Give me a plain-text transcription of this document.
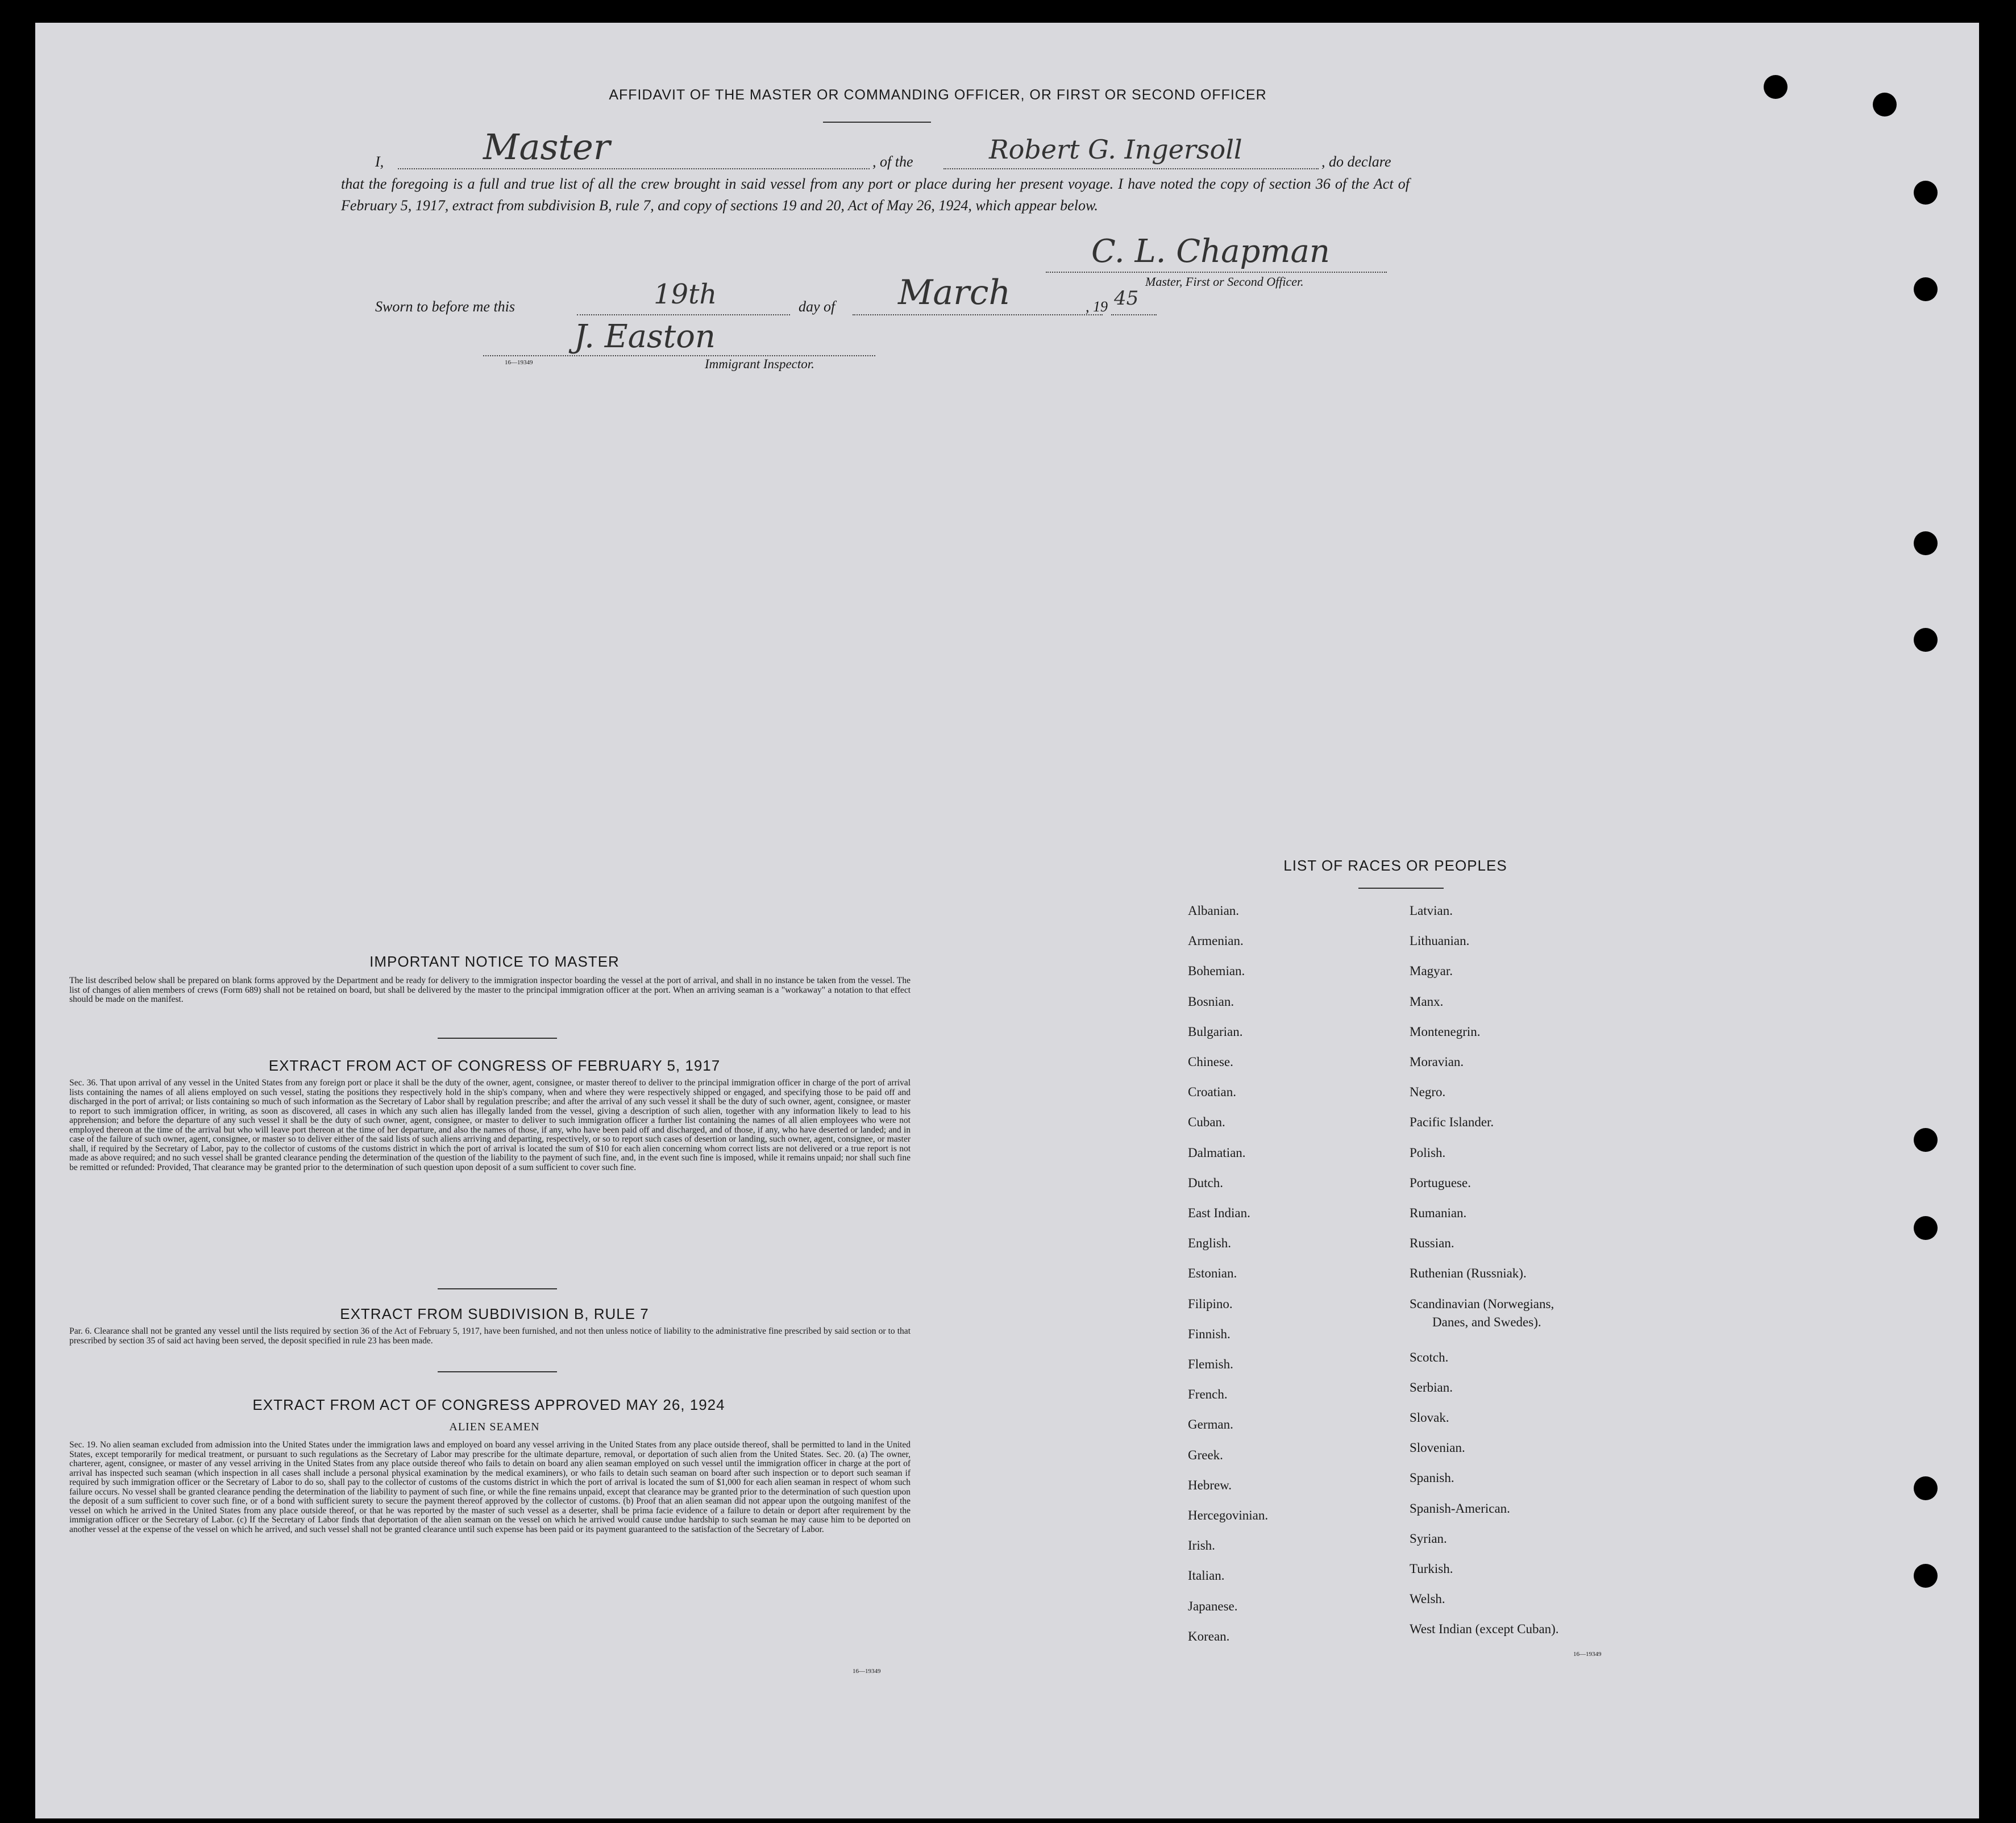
AFFIDAVIT OF THE MASTER OR COMMANDING OFFICER, OR FIRST OR SECOND OFFICER
I,	Master	, of the	Robert G. Ingersoll	, do declare
that the foregoing is a full and true list of all the crew brought in said vessel from any port or place during her present voyage. I have noted the copy of section 36 of the Act of February 5, 1917, extract from subdivision B, rule 7, and copy of sections 19 and 20, Act of May 26, 1924, which appear below.
C. L. Chapman
Master, First or Second Officer.
Sworn to before me this	19th	day of March	, 19 45
J. Easton
16—19349	Immigrant Inspector.
IMPORTANT NOTICE TO MASTER
The list described below shall be prepared on blank forms approved by the Department and be ready for delivery to the immigration inspector boarding the vessel at the port of arrival, and shall in no instance be taken from the vessel. The list of changes of alien members of crews (Form 689) shall not be retained on board, but shall be delivered by the master to the principal immigration officer at the port. When an arriving seaman is a "workaway" a notation to that effect should be made on the manifest.
EXTRACT FROM ACT OF CONGRESS OF FEBRUARY 5, 1917
Sec. 36. That upon arrival of any vessel in the United States from any foreign port or place it shall be the duty of the owner, agent, consignee, or master thereof to deliver to the principal immigration officer in charge of the port of arrival lists containing the names of all aliens employed on such vessel, stating the positions they respectively hold in the ship's company, when and where they were respectively shipped or engaged, and specifying those to be paid off and discharged in the port of arrival; or lists containing so much of such information as the Secretary of Labor shall by regulation prescribe; and after the arrival of any such vessel it shall be the duty of such owner, agent, consignee, or master to report to such immigration officer, in writing, as soon as discovered, all cases in which any such alien has illegally landed from the vessel, giving a description of such alien, together with any information likely to lead to his apprehension; and before the departure of any such vessel it shall be the duty of such owner, agent, consignee, or master to deliver to such immigration officer a further list containing the names of all alien employees who were not employed thereon at the time of the arrival but who will leave port thereon at the time of her departure, and also the names of those, if any, who have been paid off and discharged, and of those, if any, who have deserted or landed; and in case of the failure of such owner, agent, consignee, or master so to deliver either of the said lists of such aliens arriving and departing, respectively, or so to report such cases of desertion or landing, such owner, agent, consignee, or master shall, if required by the Secretary of Labor, pay to the collector of customs of the customs district in which the port of arrival is located the sum of $10 for each alien concerning whom correct lists are not delivered or a true report is not made as above required; and no such vessel shall be granted clearance pending the determination of the question of the liability to the payment of such fine, and, in the event such fine is imposed, while it remains unpaid; nor shall such fine be remitted or refunded: Provided, That clearance may be granted prior to the determination of such question upon deposit of a sum sufficient to cover such fine.
EXTRACT FROM SUBDIVISION B, RULE 7
Par. 6. Clearance shall not be granted any vessel until the lists required by section 36 of the Act of February 5, 1917, have been furnished, and not then unless notice of liability to the administrative fine prescribed by said section or to that prescribed by section 35 of said act having been served, the deposit specified in rule 23 has been made.
EXTRACT FROM ACT OF CONGRESS APPROVED MAY 26, 1924
ALIEN SEAMEN
Sec. 19. No alien seaman excluded from admission into the United States under the immigration laws and employed on board any vessel arriving in the United States from any place outside thereof, shall be permitted to land in the United States, except temporarily for medical treatment, or pursuant to such regulations as the Secretary of Labor may prescribe for the ultimate departure, removal, or deportation of such alien from the United States. Sec. 20. (a) The owner, charterer, agent, consignee, or master of any vessel arriving in the United States from any place outside thereof who fails to detain on board any alien seaman employed on such vessel until the immigration officer in charge at the port of arrival has inspected such seaman (which inspection in all cases shall include a personal physical examination by the medical examiners), or who fails to detain such seaman on board after such inspection or to deport such seaman if required by such immigration officer or the Secretary of Labor to do so, shall pay to the collector of customs of the customs district in which the port of arrival is located the sum of $1,000 for each alien seaman in respect of whom such failure occurs. No vessel shall be granted clearance pending the determination of the liability to payment of such fine, or while the fine remains unpaid, except that clearance may be granted prior to the determination of such question upon the deposit of a sum sufficient to cover such fine, or of a bond with sufficient surety to secure the payment thereof approved by the collector of customs. (b) Proof that an alien seaman did not appear upon the outgoing manifest of the vessel on which he arrived in the United States from any place outside thereof, or that he was reported by the master of such vessel as a deserter, shall be prima facie evidence of a failure to detain or deport after requirement by the immigration officer or the Secretary of Labor. (c) If the Secretary of Labor finds that deportation of the alien seaman on the vessel on which he arrived would cause undue hardship to such seaman he may cause him to be deported on another vessel at the expense of the vessel on which he arrived, and such vessel shall not be granted clearance until such expense has been paid or its payment guaranteed to the satisfaction of the Secretary of Labor.
16—19349
LIST OF RACES OR PEOPLES
Albanian.
Armenian.
Bohemian.
Bosnian.
Bulgarian.
Chinese.
Croatian.
Cuban.
Dalmatian.
Dutch.
East Indian.
English.
Estonian.
Filipino.
Finnish.
Flemish.
French.
German.
Greek.
Hebrew.
Hercegovinian.
Irish.
Italian.
Japanese.
Korean.
Latvian.
Lithuanian.
Magyar.
Manx.
Montenegrin.
Moravian.
Negro.
Pacific Islander.
Polish.
Portuguese.
Rumanian.
Russian.
Ruthenian (Russniak).
Scandinavian (Norwegians,
Danes, and Swedes).
Scotch.
Serbian.
Slovak.
Slovenian.
Spanish.
Spanish-American.
Syrian.
Turkish.
Welsh.
West Indian (except Cuban).
16—19349
